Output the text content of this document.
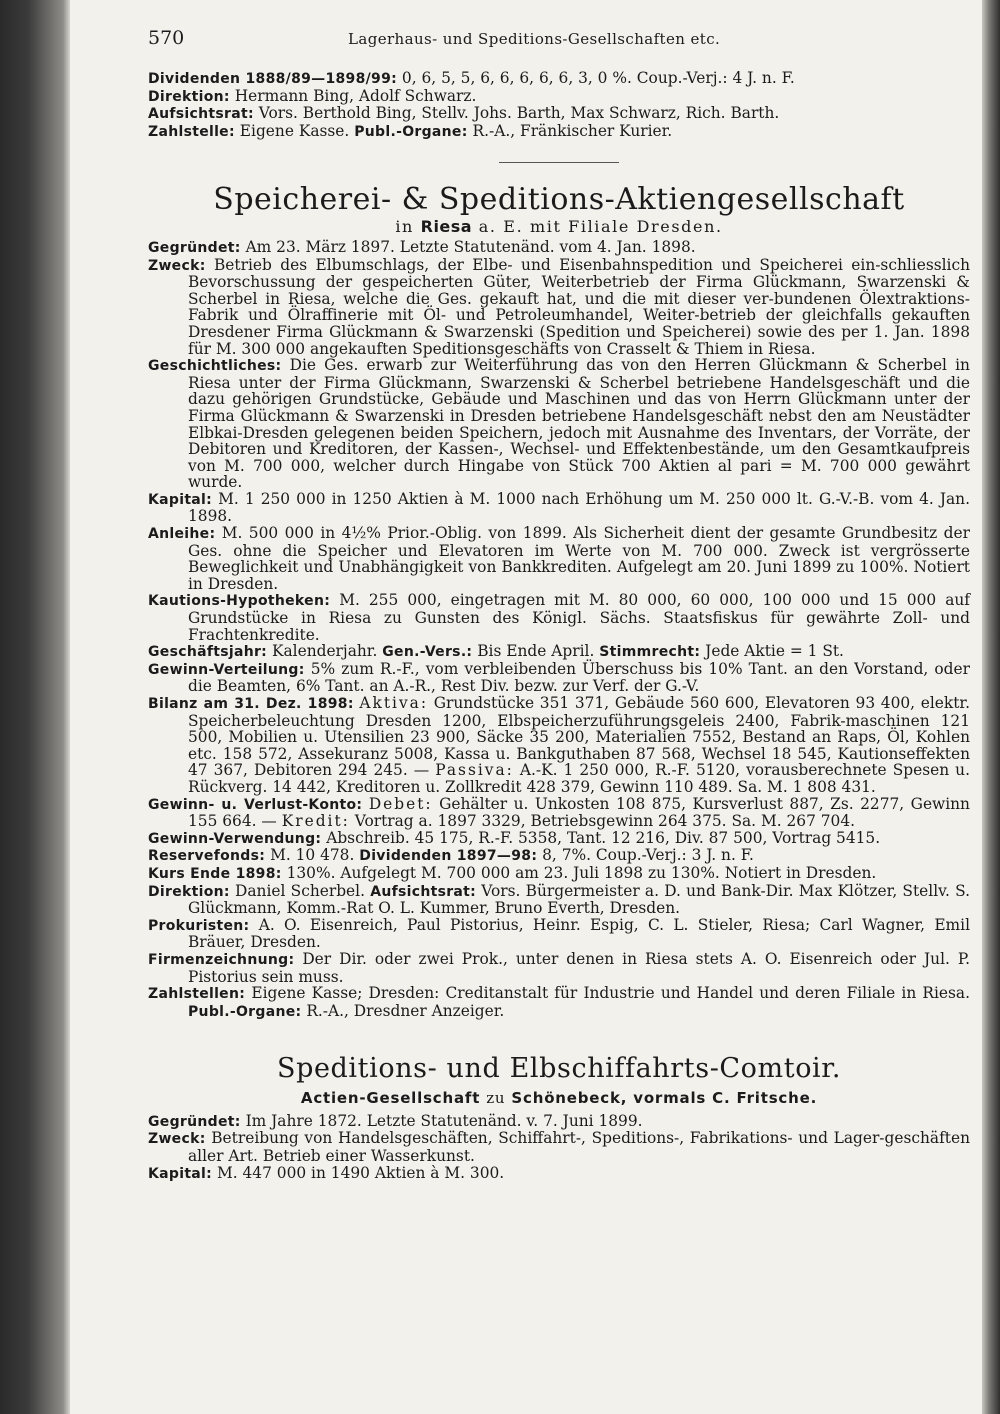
570	Lagerhaus- und Speditions-Gesellschaften etc.

Dividenden 1888/89—1898/99: 0, 6, 5, 5, 6, 6, 6, 6, 6, 3, 0 %. Coup.-Verj.: 4 J. n. F.

Direktion: Hermann Bing, Adolf Schwarz.

Aufsichtsrat: Vors. Berthold Bing, Stellv. Johs. Barth, Max Schwarz, Rich. Barth.

Zahlstelle: Eigene Kasse. Publ.-Organe: R.-A., Fränkischer Kurier.

Speicherei- & Speditions-Aktiengesellschaft
in Riesa a. E. mit Filiale Dresden.

Gegründet: Am 23. März 1897. Letzte Statutenänd. vom 4. Jan. 1898.

Zweck: Betrieb des Elbumschlags, der Elbe- und Eisenbahnspedition und Speicherei ein-schliesslich Bevorschussung der gespeicherten Güter, Weiterbetrieb der Firma Glückmann, Swarzenski & Scherbel in Riesa, welche die Ges. gekauft hat, und die mit dieser ver-bundenen Ölextraktions-Fabrik und Ölraffinerie mit Öl- und Petroleumhandel, Weiter-betrieb der gleichfalls gekauften Dresdener Firma Glückmann & Swarzenski (Spedition und Speicherei) sowie des per 1. Jan. 1898 für M. 300 000 angekauften Speditionsgeschäfts von Crasselt & Thiem in Riesa.

Geschichtliches: Die Ges. erwarb zur Weiterführung das von den Herren Glückmann & Scherbel in Riesa unter der Firma Glückmann, Swarzenski & Scherbel betriebene Handelsgeschäft und die dazu gehörigen Grundstücke, Gebäude und Maschinen und das von Herrn Glückmann unter der Firma Glückmann & Swarzenski in Dresden betriebene Handelsgeschäft nebst den am Neustädter Elbkai-Dresden gelegenen beiden Speichern, jedoch mit Ausnahme des Inventars, der Vorräte, der Debitoren und Kreditoren, der Kassen-, Wechsel- und Effektenbestände, um den Gesamtkaufpreis von M. 700 000, welcher durch Hingabe von Stück 700 Aktien al pari = M. 700 000 gewährt wurde.

Kapital: M. 1 250 000 in 1250 Aktien à M. 1000 nach Erhöhung um M. 250 000 lt. G.-V.-B. vom 4. Jan. 1898.

Anleihe: M. 500 000 in 4½% Prior.-Oblig. von 1899. Als Sicherheit dient der gesamte Grundbesitz der Ges. ohne die Speicher und Elevatoren im Werte von M. 700 000. Zweck ist vergrösserte Beweglichkeit und Unabhängigkeit von Bankkrediten. Aufgelegt am 20. Juni 1899 zu 100%. Notiert in Dresden.

Kautions-Hypotheken: M. 255 000, eingetragen mit M. 80 000, 60 000, 100 000 und 15 000 auf Grundstücke in Riesa zu Gunsten des Königl. Sächs. Staatsfiskus für gewährte Zoll- und Frachtenkredite.

Geschäftsjahr: Kalenderjahr. Gen.-Vers.: Bis Ende April. Stimmrecht: Jede Aktie = 1 St.

Gewinn-Verteilung: 5% zum R.-F., vom verbleibenden Überschuss bis 10% Tant. an den Vorstand, oder die Beamten, 6% Tant. an A.-R., Rest Div. bezw. zur Verf. der G.-V.

Bilanz am 31. Dez. 1898: Aktiva: Grundstücke 351 371, Gebäude 560 600, Elevatoren 93 400, elektr. Speicherbeleuchtung Dresden 1200, Elbspeicherzuführungsgeleis 2400, Fabrik-maschinen 121 500, Mobilien u. Utensilien 23 900, Säcke 35 200, Materialien 7552, Bestand an Raps, Öl, Kohlen etc. 158 572, Assekuranz 5008, Kassa u. Bankguthaben 87 568, Wechsel 18 545, Kautionseffekten 47 367, Debitoren 294 245. — Passiva: A.-K. 1 250 000, R.-F. 5120, vorausberechnete Spesen u. Rückverg. 14 442, Kreditoren u. Zollkredit 428 379, Gewinn 110 489. Sa. M. 1 808 431.

Gewinn- u. Verlust-Konto: Debet: Gehälter u. Unkosten 108 875, Kursverlust 887, Zs. 2277, Gewinn 155 664. — Kredit: Vortrag a. 1897 3329, Betriebsgewinn 264 375. Sa. M. 267 704.

Gewinn-Verwendung: Abschreib. 45 175, R.-F. 5358, Tant. 12 216, Div. 87 500, Vortrag 5415.

Reservefonds: M. 10 478. Dividenden 1897—98: 8, 7%. Coup.-Verj.: 3 J. n. F.

Kurs Ende 1898: 130%. Aufgelegt M. 700 000 am 23. Juli 1898 zu 130%. Notiert in Dresden.

Direktion: Daniel Scherbel. Aufsichtsrat: Vors. Bürgermeister a. D. und Bank-Dir. Max Klötzer, Stellv. S. Glückmann, Komm.-Rat O. L. Kummer, Bruno Everth, Dresden.

Prokuristen: A. O. Eisenreich, Paul Pistorius, Heinr. Espig, C. L. Stieler, Riesa; Carl Wagner, Emil Bräuer, Dresden.

Firmenzeichnung: Der Dir. oder zwei Prok., unter denen in Riesa stets A. O. Eisenreich oder Jul. P. Pistorius sein muss.

Zahlstellen: Eigene Kasse; Dresden: Creditanstalt für Industrie und Handel und deren Filiale in Riesa. Publ.-Organe: R.-A., Dresdner Anzeiger.

Speditions- und Elbschiffahrts-Comtoir.
Actien-Gesellschaft zu Schönebeck, vormals C. Fritsche.

Gegründet: Im Jahre 1872. Letzte Statutenänd. v. 7. Juni 1899.

Zweck: Betreibung von Handelsgeschäften, Schiffahrt-, Speditions-, Fabrikations- und Lager-geschäften aller Art. Betrieb einer Wasserkunst.

Kapital: M. 447 000 in 1490 Aktien à M. 300.
